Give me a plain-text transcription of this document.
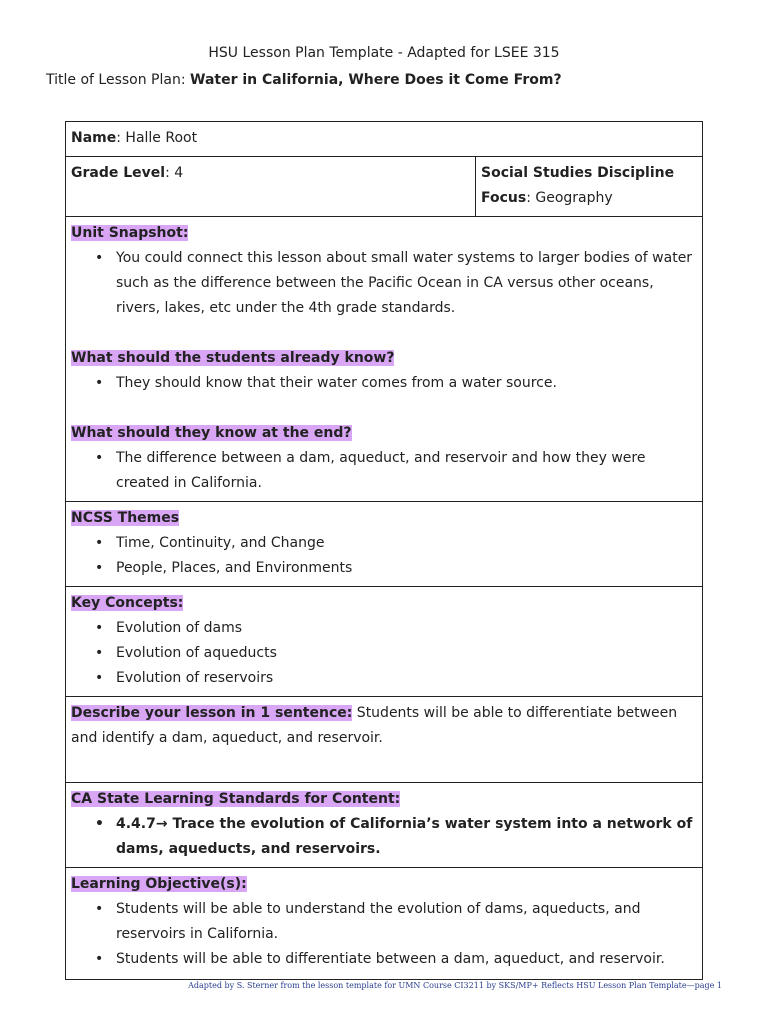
HSU Lesson Plan Template - Adapted for LSEE 315
Title of Lesson Plan: Water in California, Where Does it Come From?
Name: Halle Root
Grade Level: 4	Social Studies Discipline
Focus: Geography

Unit Snapshot:
• You could connect this lesson about small water systems to larger bodies of water such as the difference between the Pacific Ocean in CA versus other oceans, rivers, lakes, etc under the 4th grade standards.
What should the students already know?
• They should know that their water comes from a water source.
What should they know at the end?
• The difference between a dam, aqueduct, and reservoir and how they were created in California.

NCSS Themes
• Time, Continuity, and Change
• People, Places, and Environments

Key Concepts:
• Evolution of dams
• Evolution of aqueducts
• Evolution of reservoirs

Describe your lesson in 1 sentence: Students will be able to differentiate between and identify a dam, aqueduct, and reservoir.
CA State Learning Standards for Content:
• 4.4.7→ Trace the evolution of California’s water system into a network of dams, aqueducts, and reservoirs.

Learning Objective(s):
• Students will be able to understand the evolution of dams, aqueducts, and reservoirs in California.
• Students will be able to differentiate between a dam, aqueduct, and reservoir.
Adapted by S. Sterner from the lesson template for UMN Course CI3211 by SKS/MP+ Reflects HSU Lesson Plan Template—page 1
